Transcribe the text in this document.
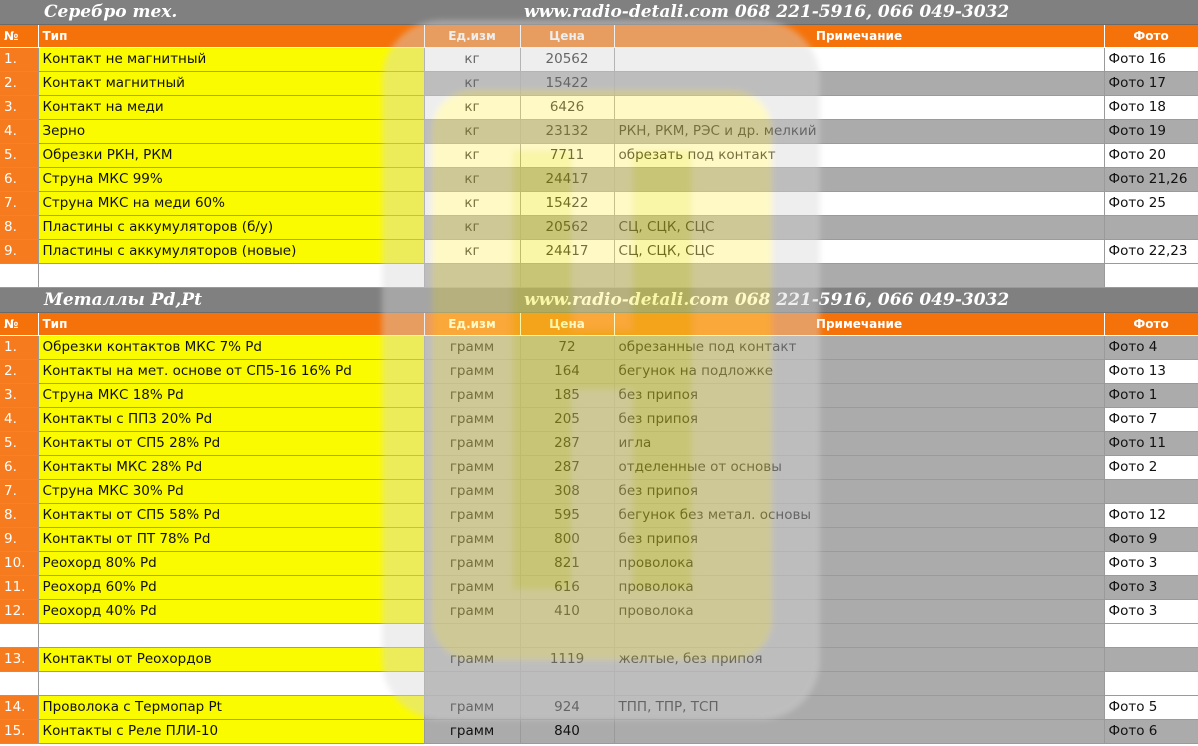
Серебро тех.			www.radio-detali.com 068 221-5916, 066 049-3032		
№	Тип	Ед.изм	Цена	Примечание	Фото
1.	Контакт не магнитный	кг	20562		Фото 16
2.	Контакт магнитный	кг	15422		Фото 17
3.	Контакт на меди	кг	6426		Фото 18
4.	Зерно	кг	23132	РКН, РКМ, РЭС и др. мелкий	Фото 19
5.	Обрезки РКН, РКМ	кг	7711	обрезать под контакт	Фото 20
6.	Струна МКС 99%	кг	24417		Фото 21,26
7.	Струна МКС на меди 60%	кг	15422		Фото 25
8.	Пластины с аккумуляторов (б/у)	кг	20562	СЦ, СЦК, СЦС	
9.	Пластины с аккумуляторов (новые)	кг	24417	СЦ, СЦК, СЦС	Фото 22,23

Металлы Pd,Pt			www.radio-detali.com 068 221-5916, 066 049-3032		
№	Тип	Ед.изм	Цена	Примечание	Фото
1.	Обрезки контактов МКС 7% Pd	грамм	72	обрезанные под контакт	Фото 4
2.	Контакты на мет. основе от СП5-16 16% Pd	грамм	164	бегунок на подложке	Фото 13
3.	Струна МКС 18% Pd	грамм	185	без припоя	Фото 1
4.	Контакты с ПП3 20% Pd	грамм	205	без припоя	Фото 7
5.	Контакты от СП5 28% Pd	грамм	287	игла	Фото 11
6.	Контакты МКС 28% Pd	грамм	287	отделенные от основы	Фото 2
7.	Струна МКС 30% Pd	грамм	308	без припоя	
8.	Контакты от СП5 58% Pd	грамм	595	бегунок без метал. основы	Фото 12
9.	Контакты от ПТ 78% Pd	грамм	800	без припоя	Фото 9
10.	Реохорд 80% Pd	грамм	821	проволока	Фото 3
11.	Реохорд 60% Pd	грамм	616	проволока	Фото 3
12.	Реохорд 40% Pd	грамм	410	проволока	Фото 3

13.	Контакты от Реохордов	грамм	1119	желтые, без припоя	

14.	Проволока с Термопар Pt	грамм	924	ТПП, ТПР, ТСП	Фото 5
15.	Контакты с Реле ПЛИ-10	грамм	840		Фото 6
